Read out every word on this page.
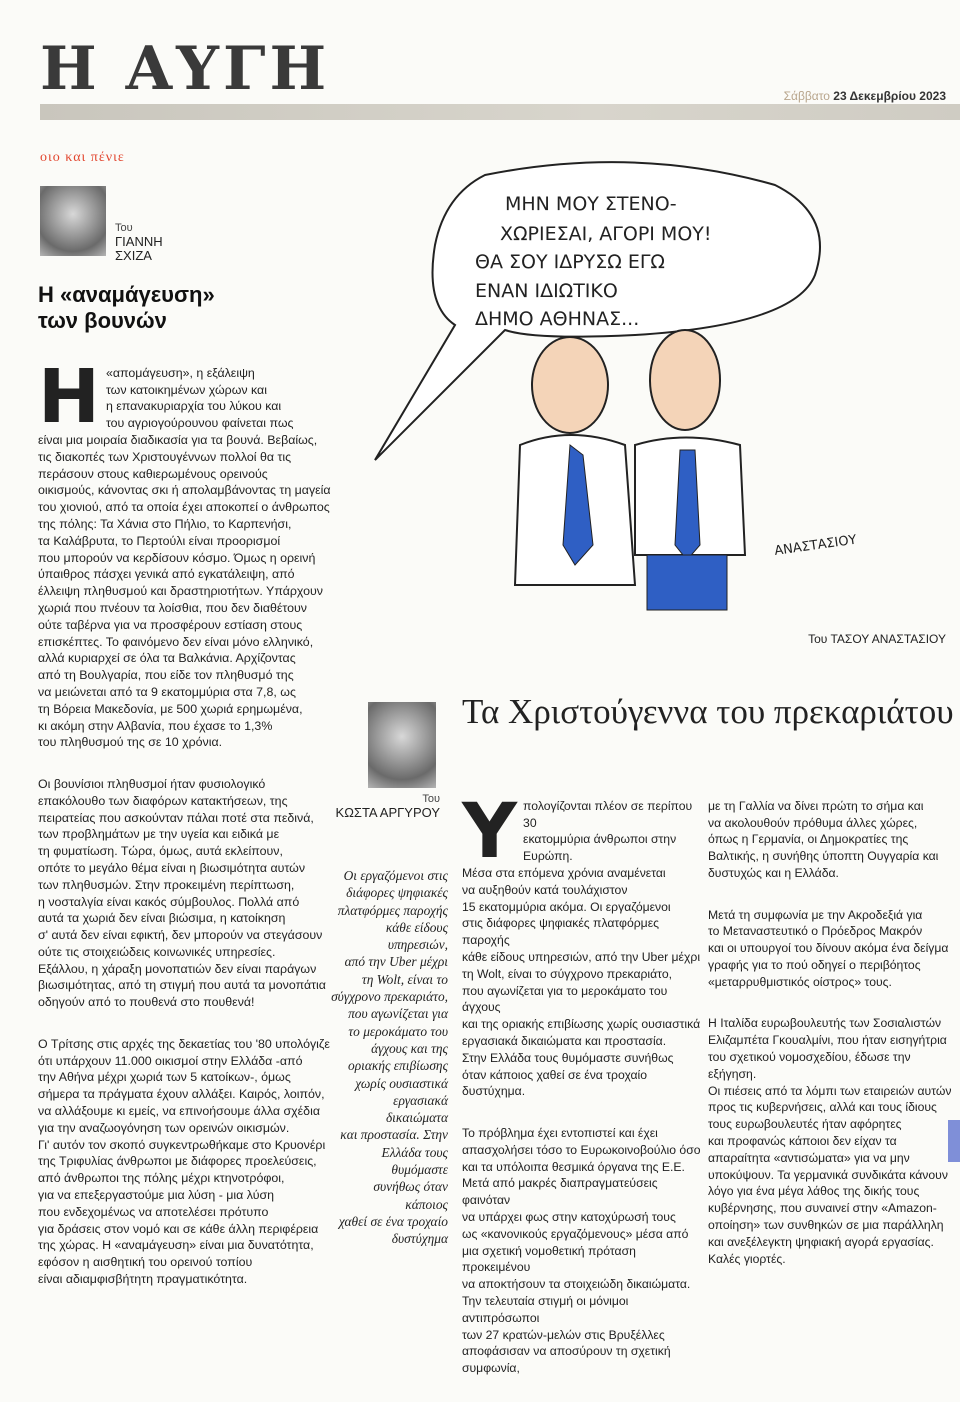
Η ΑΥΓΗ	Σάββατο 23 Δεκεμβρίου 2023
οιο και πένιε
Του
ΓΙΑΝΝΗ
ΣΧΙΖΑ
Η «αναμάγευση»
των βουνών

Η «απομάγευση», η εξάλειψη
των κατοικημένων χώρων και
η επανακυριαρχία του λύκου και
του αγριογούρουνου φαίνεται πως
είναι μια μοιραία διαδικασία για τα βουνά. Βεβαίως,
τις διακοπές των Χριστουγέννων πολλοί θα τις
περάσουν στους καθιερωμένους ορεινούς
οικισμούς, κάνοντας σκι ή απολαμβάνοντας τη μαγεία
του χιονιού, από τα οποία έχει αποκοπεί ο άνθρωπος
της πόλης: Τα Χάνια στο Πήλιο, το Καρπενήσι,
τα Καλάβρυτα, το Περτούλι είναι προορισμοί
που μπορούν να κερδίσουν κόσμο. Όμως η ορεινή
ύπαιθρος πάσχει γενικά από εγκατάλειψη, από
έλλειψη πληθυσμού και δραστηριοτήτων. Υπάρχουν
χωριά που πνέουν τα λοίσθια, που δεν διαθέτουν
ούτε ταβέρνα για να προσφέρουν εστίαση στους
επισκέπτες. Το φαινόμενο δεν είναι μόνο ελληνικό,
αλλά κυριαρχεί σε όλα τα Βαλκάνια. Αρχίζοντας
από τη Βουλγαρία, που είδε τον πληθυσμό της
να μειώνεται από τα 9 εκατομμύρια στα 7,8, ως
τη Βόρεια Μακεδονία, με 500 χωριά ερημωμένα,
κι ακόμη στην Αλβανία, που έχασε το 1,3%
του πληθυσμού της σε 10 χρόνια.

Οι βουνίσιοι πληθυσμοί ήταν φυσιολογικό
επακόλουθο των διαφόρων κατακτήσεων, της
πειρατείας που ασκούνταν πάλαι ποτέ στα πεδινά,
των προβλημάτων με την υγεία και ειδικά με
τη φυματίωση. Τώρα, όμως, αυτά εκλείπουν,
οπότε το μεγάλο θέμα είναι η βιωσιμότητα αυτών
των πληθυσμών. Στην προκειμένη περίπτωση,
η νοσταλγία είναι κακός σύμβουλος. Πολλά από
αυτά τα χωριά δεν είναι βιώσιμα, η κατοίκηση
σ' αυτά δεν είναι εφικτή, δεν μπορούν να στεγάσουν
ούτε τις στοιχειώδεις κοινωνικές υπηρεσίες.
Εξάλλου, η χάραξη μονοπατιών δεν είναι παράγων
βιωσιμότητας, από τη στιγμή που αυτά τα μονοπάτια
οδηγούν από το πουθενά στο πουθενά!

Ο Τρίτσης στις αρχές της δεκαετίας του '80 υπολόγιζε
ότι υπάρχουν 11.000 οικισμοί στην Ελλάδα -από
την Αθήνα μέχρι χωριά των 5 κατοίκων-, όμως
σήμερα τα πράγματα έχουν αλλάξει. Καιρός, λοιπόν,
να αλλάξουμε κι εμείς, να επινοήσουμε άλλα σχέδια
για την αναζωογόνηση των ορεινών οικισμών.
Γι' αυτόν τον σκοπό συγκεντρωθήκαμε στο Κρυονέρι
της Τριφυλίας άνθρωποι με διάφορες προελεύσεις,
από άνθρωποι της πόλης μέχρι κτηνοτρόφοι,
για να επεξεργαστούμε μια λύση - μια λύση
που ενδεχομένως να αποτελέσει πρότυπο
για δράσεις στον νομό και σε κάθε άλλη περιφέρεια
της χώρας. Η «αναμάγευση» είναι μια δυνατότητα,
εφόσον η αισθητική του ορεινού τοπίου
είναι αδιαμφισβήτητη πραγματικότητα.

ΜΗΝ ΜΟΥ ΣΤΕΝΟ-
ΧΩΡΙΕΣΑΙ, ΑΓΟΡΙ ΜΟΥ!
ΘΑ ΣΟΥ ΙΔΡΥΣΩ ΕΓΩ
ΕΝΑΝ ΙΔΙΩΤΙΚΟ
ΔΗΜΟ ΑΘΗΝΑΣ...
ΑΝΑΣΤΑΣΙΟΥ
Του ΤΑΣΟΥ ΑΝΑΣΤΑΣΙΟΥ
Του
ΚΩΣΤΑ ΑΡΓΥΡΟΥ
Τα Χριστούγεννα του πρεκαριάτου
Οι εργαζόμενοι στις
διάφορες ψηφιακές
πλατφόρμες παροχής
κάθε είδους υπηρεσιών,
από την Uber μέχρι
τη Wolt, είναι το
σύγχρονο πρεκαριάτο,
που αγωνίζεται για
το μεροκάματο του
άγχους και της
οριακής επιβίωσης
χωρίς ουσιαστικά
εργασιακά δικαιώματα
και προστασία. Στην
Ελλάδα τους θυμόμαστε
συνήθως όταν κάποιος
χαθεί σε ένα τροχαίο
δυστύχημα

Υπολογίζονται πλέον σε περίπου 30
εκατομμύρια άνθρωποι στην Ευρώπη.
Μέσα στα επόμενα χρόνια αναμένεται
να αυξηθούν κατά τουλάχιστον
15 εκατομμύρια ακόμα. Οι εργαζόμενοι
στις διάφορες ψηφιακές πλατφόρμες παροχής
κάθε είδους υπηρεσιών, από την Uber μέχρι
τη Wolt, είναι το σύγχρονο πρεκαριάτο,
που αγωνίζεται για το μεροκάματο του άγχους
και της οριακής επιβίωσης χωρίς ουσιαστικά
εργασιακά δικαιώματα και προστασία.
Στην Ελλάδα τους θυμόμαστε συνήθως
όταν κάποιος χαθεί σε ένα τροχαίο δυστύχημα.

Το πρόβλημα έχει εντοπιστεί και έχει
απασχολήσει τόσο το Ευρωκοινοβούλιο όσο
και τα υπόλοιπα θεσμικά όργανα της Ε.Ε.
Μετά από μακρές διαπραγματεύσεις φαινόταν
να υπάρχει φως στην κατοχύρωσή τους
ως «κανονικούς εργαζόμενους» μέσα από
μια σχετική νομοθετική πρόταση προκειμένου
να αποκτήσουν τα στοιχειώδη δικαιώματα.
Την τελευταία στιγμή οι μόνιμοι αντιπρόσωποι
των 27 κρατών-μελών στις Βρυξέλλες
αποφάσισαν να αποσύρουν τη σχετική συμφωνία,

με τη Γαλλία να δίνει πρώτη το σήμα και
να ακολουθούν πρόθυμα άλλες χώρες,
όπως η Γερμανία, οι Δημοκρατίες της
Βαλτικής, η συνήθης ύποπτη Ουγγαρία και
δυστυχώς και η Ελλάδα.

Μετά τη συμφωνία με την Ακροδεξιά για
το Μεταναστευτικό ο Πρόεδρος Μακρόν
και οι υπουργοί του δίνουν ακόμα ένα δείγμα
γραφής για το πού οδηγεί ο περιβόητος
«μεταρρυθμιστικός οίστρος» τους.

Η Ιταλίδα ευρωβουλευτής των Σοσιαλιστών
Ελιζαμπέτα Γκουαλμίνι, που ήταν εισηγήτρια
του σχετικού νομοσχεδίου, έδωσε την εξήγηση.
Οι πιέσεις από τα λόμπι των εταιρειών αυτών
προς τις κυβερνήσεις, αλλά και τους ίδιους
τους ευρωβουλευτές ήταν αφόρητες
και προφανώς κάποιοι δεν είχαν τα
απαραίτητα «αντισώματα» για να μην
υποκύψουν. Τα γερμανικά συνδικάτα κάνουν
λόγο για ένα μέγα λάθος της δικής τους
κυβέρνησης, που συναινεί στην «Amazon-
οποίηση» των συνθηκών σε μια παράλληλη
και ανεξέλεγκτη ψηφιακή αγορά εργασίας.
Καλές γιορτές.
